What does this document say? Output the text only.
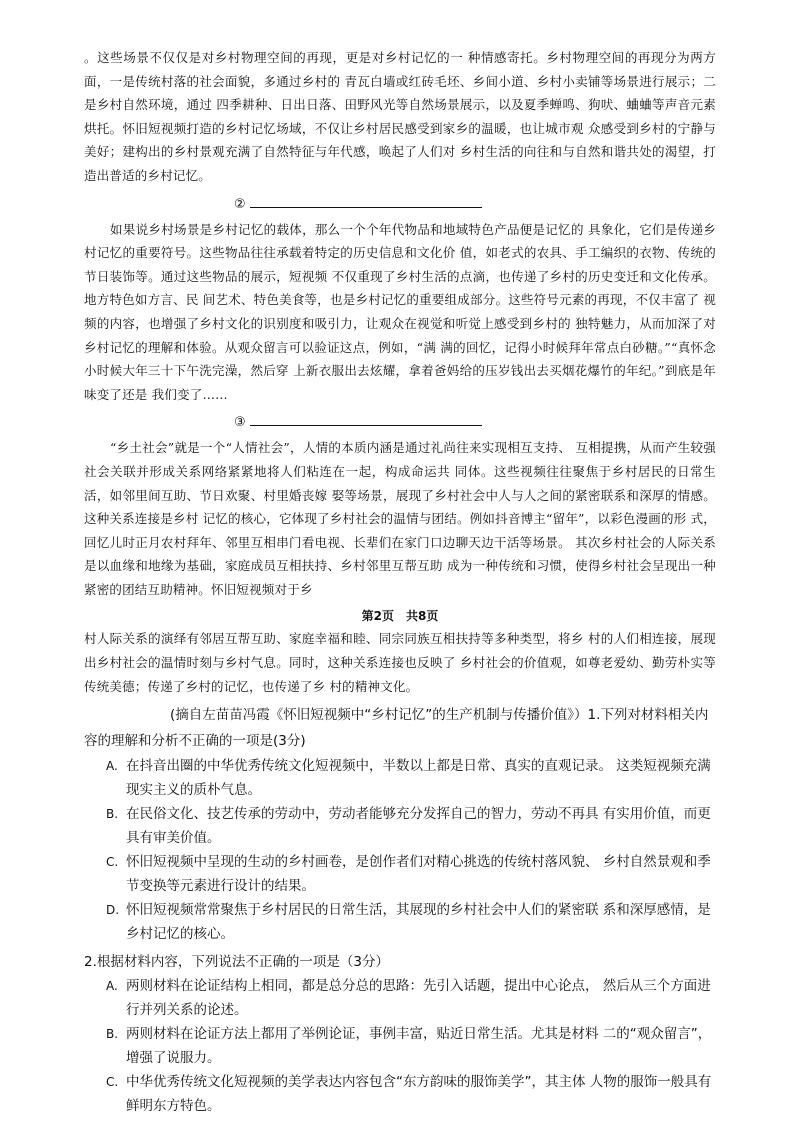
。这些场景不仅仅是对乡村物理空间的再现，更是对乡村记忆的一 种情感寄托。乡村物理空间的再现分为两方面，一是传统村落的社会面貌，多通过乡村的 青瓦白墙或红砖毛坯、乡间小道、乡村小卖铺等场景进行展示；二是乡村自然环境，通过 四季耕种、日出日落、田野风光等自然场景展示，以及夏季蝉鸣、狗吠、蛐蛐等声音元素 烘托。怀旧短视频打造的乡村记忆场域，不仅让乡村居民感受到家乡的温暖，也让城市观 众感受到乡村的宁静与美好；建构出的乡村景观充满了自然特征与年代感，唤起了人们对 乡村生活的向往和与自然和谐共处的渴望，打造出普适的乡村记忆。

②

如果说乡村场景是乡村记忆的载体，那么一个个年代物品和地域特色产品便是记忆的 具象化，它们是传递乡村记忆的重要符号。这些物品往往承载着特定的历史信息和文化价 值，如老式的农具、手工编织的衣物、传统的节日装饰等。通过这些物品的展示，短视频 不仅重现了乡村生活的点滴，也传递了乡村的历史变迁和文化传承。地方特色如方言、民 间艺术、特色美食等，也是乡村记忆的重要组成部分。这些符号元素的再现，不仅丰富了 视频的内容，也增强了乡村文化的识别度和吸引力，让观众在视觉和听觉上感受到乡村的 独特魅力，从而加深了对乡村记忆的理解和体验。从观众留言可以验证这点，例如，“满 满的回忆，记得小时候拜年常点白砂糖。”“真怀念小时候大年三十下午洗完澡，然后穿 上新衣服出去炫耀，拿着爸妈给的压岁钱出去买烟花爆竹的年纪。”到底是年味变了还是 我们变了……

③

“乡土社会”就是一个“人情社会”，人情的本质内涵是通过礼尚往来实现相互支持、 互相提携，从而产生较强社会关联并形成关系网络紧紧地将人们粘连在一起，构成命运共 同体。这些视频往往聚焦于乡村居民的日常生活，如邻里间互助、节日欢聚、村里婚丧嫁 娶等场景，展现了乡村社会中人与人之间的紧密联系和深厚的情感。这种关系连接是乡村 记忆的核心，它体现了乡村社会的温情与团结。例如抖音博主“留年”，以彩色漫画的形 式，回忆儿时正月农村拜年、邻里互相串门看电视、长辈们在家门口边聊天边干活等场景。 其次乡村社会的人际关系是以血缘和地缘为基础，家庭成员互相扶持、乡村邻里互帮互助 成为一种传统和习惯，使得乡村社会呈现出一种紧密的团结互助精神。怀旧短视频对于乡

第2页　共8页

村人际关系的演绎有邻居互帮互助、家庭幸福和睦、同宗同族互相扶持等多种类型，将乡 村的人们相连接，展现出乡村社会的温情时刻与乡村气息。同时，这种关系连接也反映了 乡村社会的价值观，如尊老爱幼、勤劳朴实等传统美德；传递了乡村的记忆，也传递了乡 村的精神文化。

(摘自左苗苗冯霞《怀旧短视频中“乡村记忆”的生产机制与传播价值》）1.下列对材料相关内容的理解和分析不正确的一项是(3分)

A. 在抖音出圈的中华优秀传统文化短视频中，半数以上都是日常、真实的直观记录。 这类短视频充满现实主义的质朴气息。

B. 在民俗文化、技艺传承的劳动中，劳动者能够充分发挥自己的智力，劳动不再具 有实用价值，而更具有审美价值。

C. 怀旧短视频中呈现的生动的乡村画卷，是创作者们对精心挑选的传统村落风貌、 乡村自然景观和季节变换等元素进行设计的结果。

D. 怀旧短视频常常聚焦于乡村居民的日常生活，其展现的乡村社会中人们的紧密联 系和深厚感情，是乡村记忆的核心。

2.根据材料内容，下列说法不正确的一项是（3分）

A. 两则材料在论证结构上相同，都是总分总的思路：先引入话题，提出中心论点， 然后从三个方面进行并列关系的论述。

B. 两则材料在论证方法上都用了举例论证，事例丰富，贴近日常生活。尤其是材料 二的“观众留言”，增强了说服力。

C. 中华优秀传统文化短视频的美学表达内容包含“东方韵味的服饰美学”，其主体 人物的服饰一般具有鲜明东方特色。
